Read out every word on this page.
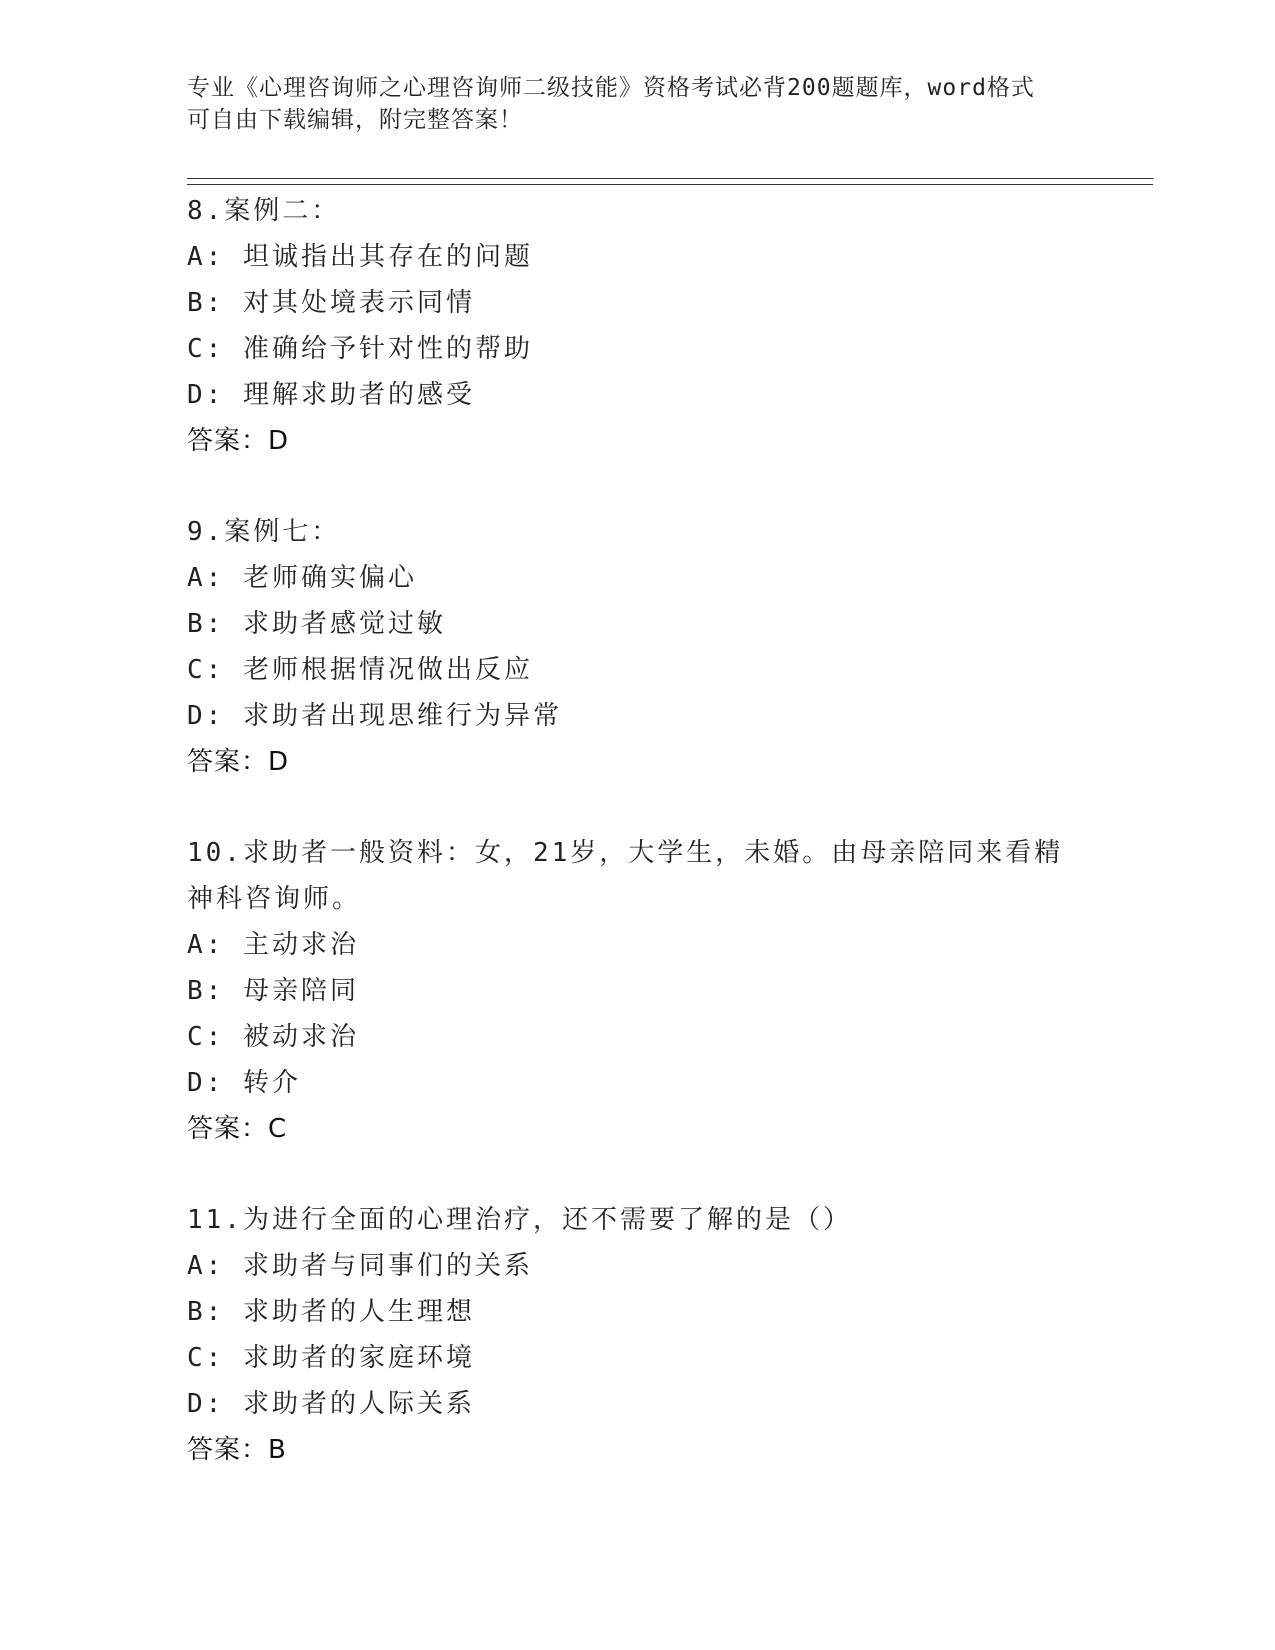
专业《心理咨询师之心理咨询师二级技能》资格考试必背200题题库，word格式
可自由下载编辑，附完整答案！
8.案例二：
A: 坦诚指出其存在的问题
B: 对其处境表示同情
C: 准确给予针对性的帮助
D: 理解求助者的感受
答案：D
9.案例七：
A: 老师确实偏心
B: 求助者感觉过敏
C: 老师根据情况做出反应
D: 求助者出现思维行为异常
答案：D
10.求助者一般资料：女，21岁，大学生，未婚。由母亲陪同来看精神科咨询师。
A: 主动求治
B: 母亲陪同
C: 被动求治
D: 转介
答案：C
11.为进行全面的心理治疗，还不需要了解的是（）
A: 求助者与同事们的关系
B: 求助者的人生理想
C: 求助者的家庭环境
D: 求助者的人际关系
答案：B
